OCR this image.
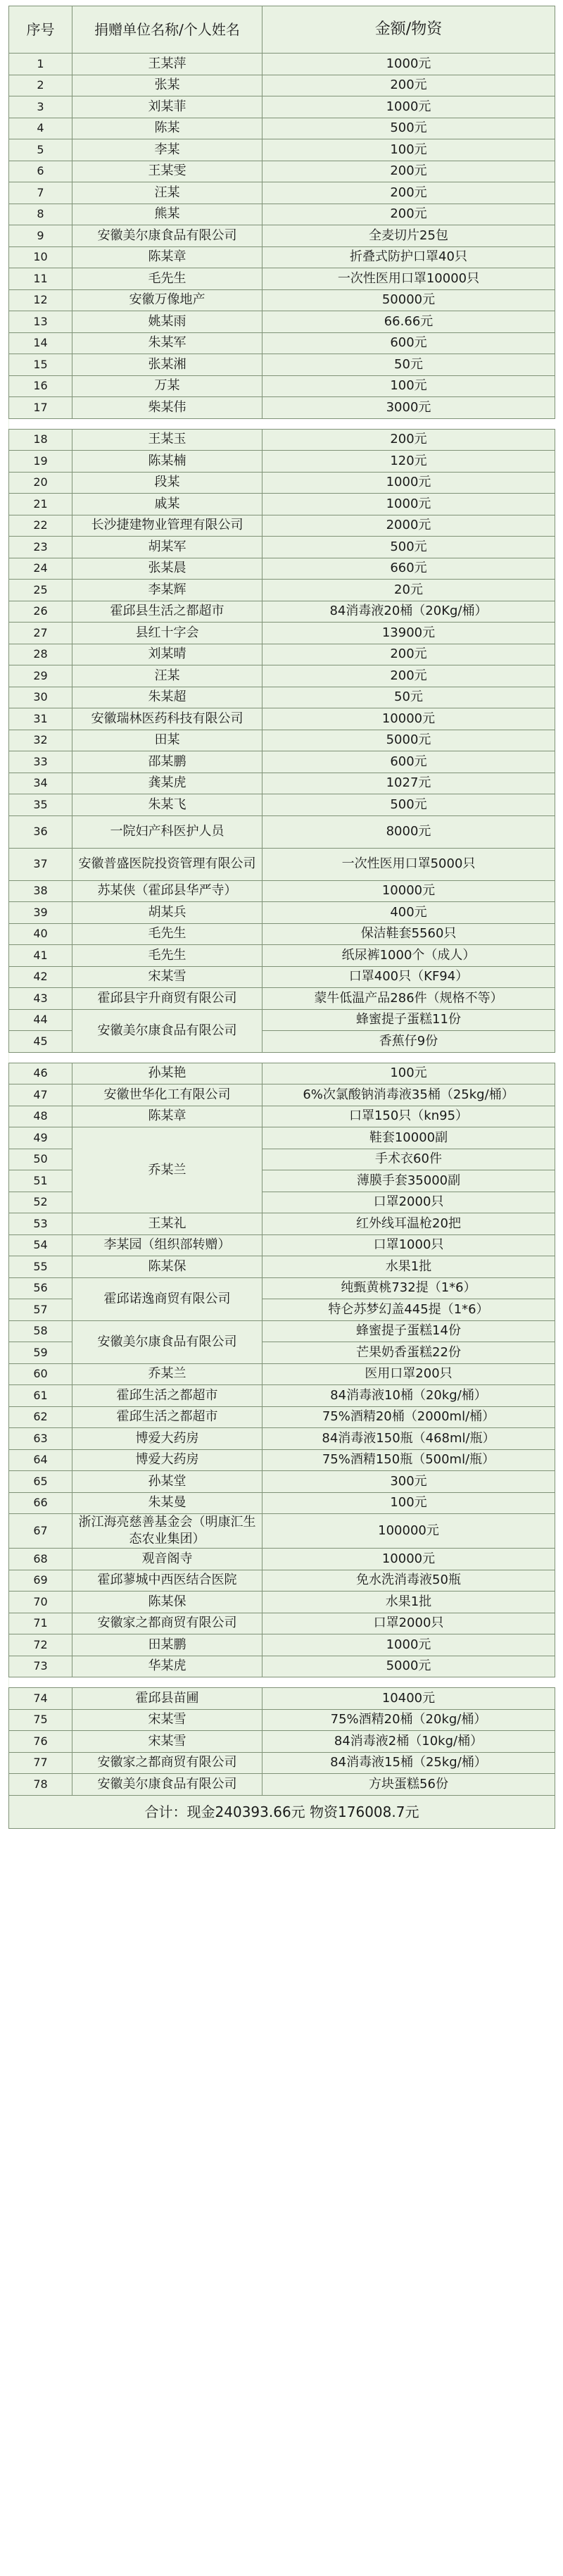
序号	捐赠单位名称/个人姓名	金额/物资
1	王某萍	1000元
2	张某	200元
3	刘某菲	1000元
4	陈某	500元
5	李某	100元
6	王某雯	200元
7	汪某	200元
8	熊某	200元
9	安徽美尔康食品有限公司	全麦切片25包
10	陈某章	折叠式防护口罩40只
11	毛先生	一次性医用口罩10000只
12	安徽万像地产	50000元
13	姚某雨	66.66元
14	朱某军	600元
15	张某湘	50元
16	万某	100元
17	柴某伟	3000元

18	王某玉	200元
19	陈某楠	120元
20	段某	1000元
21	戚某	1000元
22	长沙捷建物业管理有限公司	2000元
23	胡某军	500元
24	张某晨	660元
25	李某辉	20元
26	霍邱县生活之都超市	84消毒液20桶（20Kg/桶）
27	县红十字会	13900元
28	刘某晴	200元
29	汪某	200元
30	朱某超	50元
31	安徽瑞林医药科技有限公司	10000元
32	田某	5000元
33	邵某鹏	600元
34	龚某虎	1027元
35	朱某飞	500元
36	一院妇产科医护人员	8000元
37	安徽普盛医院投资管理有限公司	一次性医用口罩5000只
38	苏某侠（霍邱县华严寺）	10000元
39	胡某兵	400元
40	毛先生	保洁鞋套5560只
41	毛先生	纸尿裤1000个（成人）
42	宋某雪	口罩400只（KF94）
43	霍邱县宇升商贸有限公司	蒙牛低温产品286件（规格不等）
44	安徽美尔康食品有限公司	蜂蜜提子蛋糕11份
45		香蕉仔9份

46	孙某艳	100元
47	安徽世华化工有限公司	6%次氯酸钠消毒液35桶（25kg/桶）
48	陈某章	口罩150只（kn95）
49	乔某兰	鞋套10000副
50		手术衣60件
51		薄膜手套35000副
52		口罩2000只
53	王某礼	红外线耳温枪20把
54	李某园（组织部转赠）	口罩1000只
55	陈某保	水果1批
56	霍邱诺逸商贸有限公司	纯甄黄桃732提（1*6）
57		特仑苏梦幻盖445提（1*6）
58	安徽美尔康食品有限公司	蜂蜜提子蛋糕14份
59		芒果奶香蛋糕22份
60	乔某兰	医用口罩200只
61	霍邱生活之都超市	84消毒液10桶（20kg/桶）
62	霍邱生活之都超市	75%酒精20桶（2000ml/桶）
63	博爱大药房	84消毒液150瓶（468ml/瓶）
64	博爱大药房	75%酒精150瓶（500ml/瓶）
65	孙某堂	300元
66	朱某曼	100元
67	浙江海亮慈善基金会（明康汇生态农业集团）	100000元
68	观音阁寺	10000元
69	霍邱蓼城中西医结合医院	免水洗消毒液50瓶
70	陈某保	水果1批
71	安徽家之都商贸有限公司	口罩2000只
72	田某鹏	1000元
73	华某虎	5000元

74	霍邱县苗圃	10400元
75	宋某雪	75%酒精20桶（20kg/桶）
76	宋某雪	84消毒液2桶（10kg/桶）
77	安徽家之都商贸有限公司	84消毒液15桶（25kg/桶）
78	安徽美尔康食品有限公司	方块蛋糕56份
合计：现金240393.66元 物资176008.7元		
